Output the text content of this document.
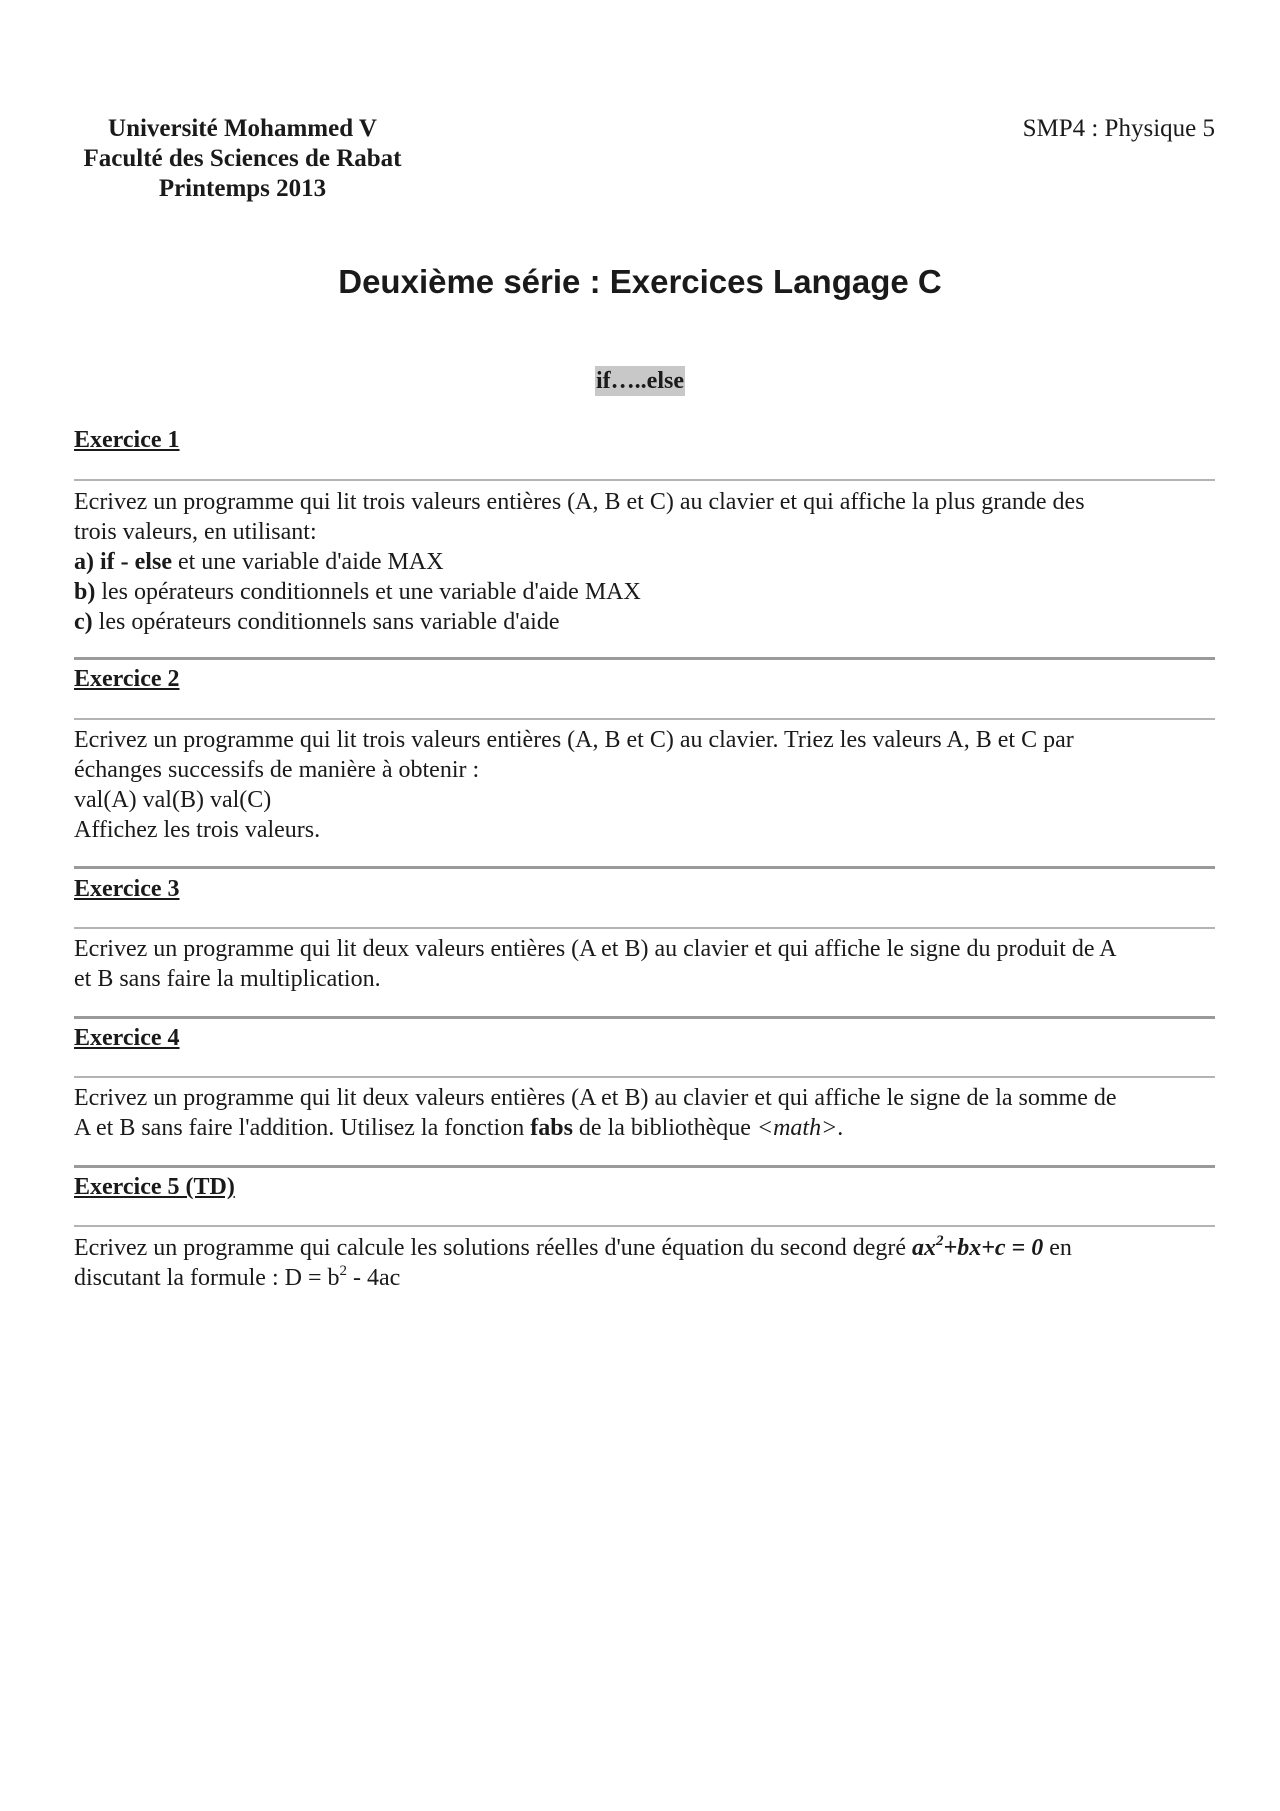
Université Mohammed V
Faculté des Sciences de Rabat
Printemps 2013
SMP4 : Physique 5
Deuxième série : Exercices Langage C
if…..else
Exercice 1

Ecrivez un programme qui lit trois valeurs entières (A, B et C) au clavier et qui affiche la plus grande des

trois valeurs, en utilisant:

a) if - else et une variable d'aide MAX

b) les opérateurs conditionnels et une variable d'aide MAX

c) les opérateurs conditionnels sans variable d'aide

Exercice 2

Ecrivez un programme qui lit trois valeurs entières (A, B et C) au clavier. Triez les valeurs A, B et C par

échanges successifs de manière à obtenir :

val(A) val(B) val(C)

Affichez les trois valeurs.

Exercice 3

Ecrivez un programme qui lit deux valeurs entières (A et B) au clavier et qui affiche le signe du produit de A

et B sans faire la multiplication.

Exercice 4

Ecrivez un programme qui lit deux valeurs entières (A et B) au clavier et qui affiche le signe de la somme de

A et B sans faire l'addition. Utilisez la fonction fabs de la bibliothèque <math>.

Exercice 5 (TD)

Ecrivez un programme qui calcule les solutions réelles d'une équation du second degré $ax^2+bx+c = 0$ en

discutant la formule : $D = b^2 - 4ac$
